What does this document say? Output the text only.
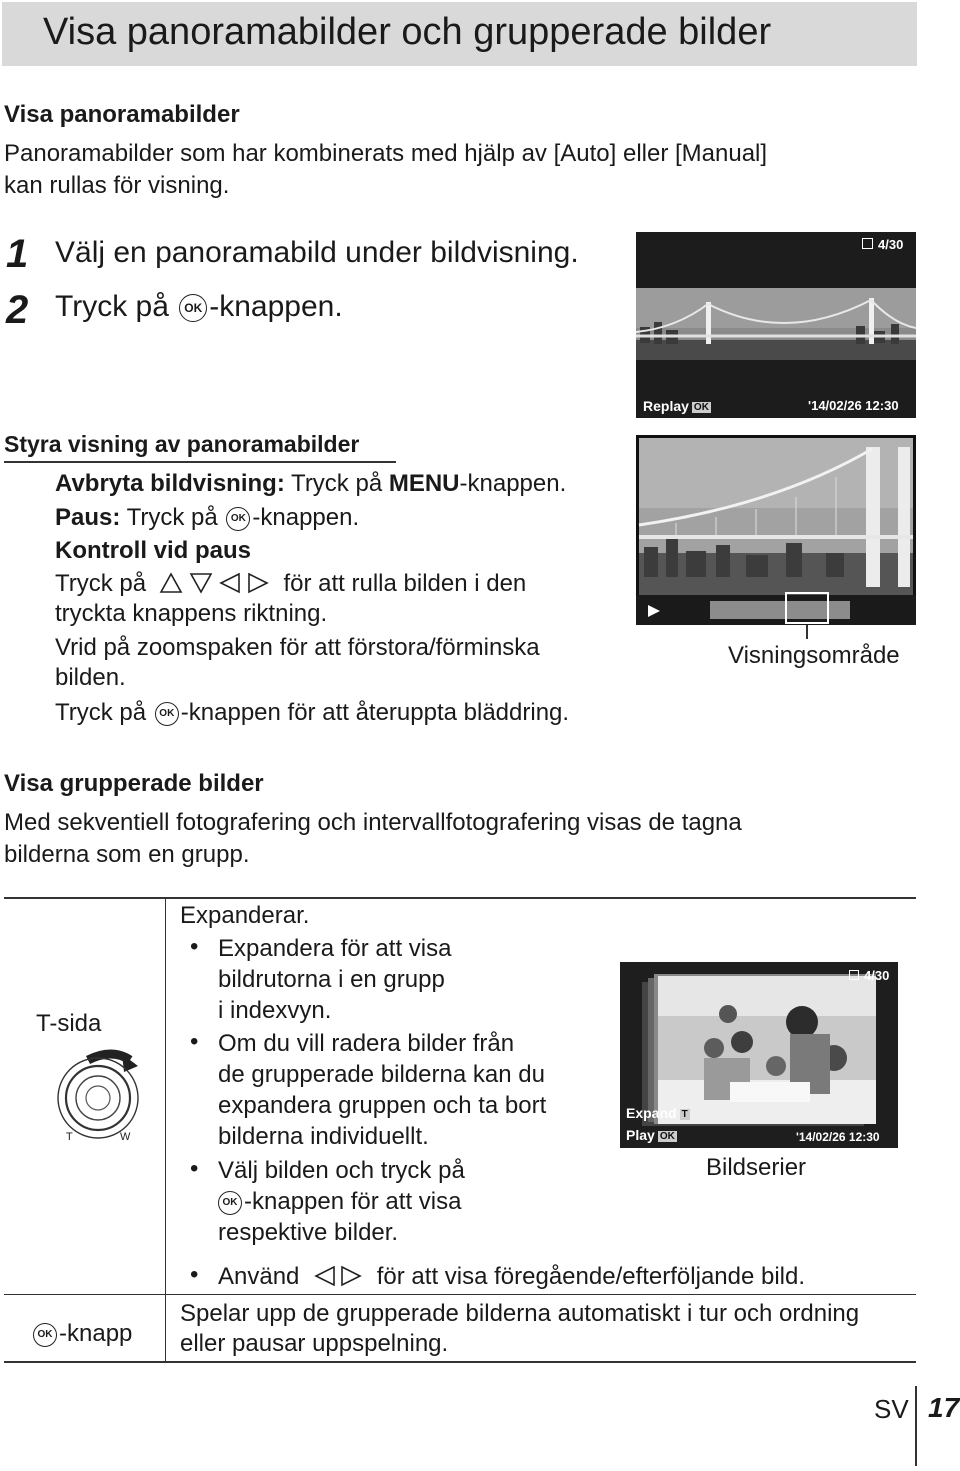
Visa panoramabilder och grupperade bilder
Visa panoramabilder
Panoramabilder som har kombinerats med hjälp av [Auto] eller [Manual]
kan rullas för visning.
1 Välj en panoramabild under bildvisning.
2 Tryck på OK -knappen.
4/30
Replay OK	'14/02/26 12:30
Styra visning av panoramabilder
Avbryta bildvisning: Tryck på MENU-knappen.
Paus: Tryck på OK -knappen.
Kontroll vid paus
Tryck på	för att rulla bilden i den
tryckta knappens riktning.
Vrid på zoomspaken för att förstora/förminska
bilden.
Tryck på OK -knappen för att återuppta bläddring.
Visningsområde
Visa grupperade bilder
Med sekventiell fotografering och intervallfotografering visas de tagna
bilderna som en grupp.
T-sida
T	W
Expanderar.
• Expandera för att visa
bildrutorna i en grupp
i indexvyn.
• Om du vill radera bilder från
de grupperade bilderna kan du
expandera gruppen och ta bort
bilderna individuellt.
• Välj bilden och tryck på
OK -knappen för att visa
respektive bilder.
• Använd	för att visa föregående/efterföljande bild.
4/30
Expand T
Play OK	'14/02/26 12:30
Bildserier
OK -knapp
Spelar upp de grupperade bilderna automatiskt i tur och ordning
eller pausar uppspelning.
SV 17
